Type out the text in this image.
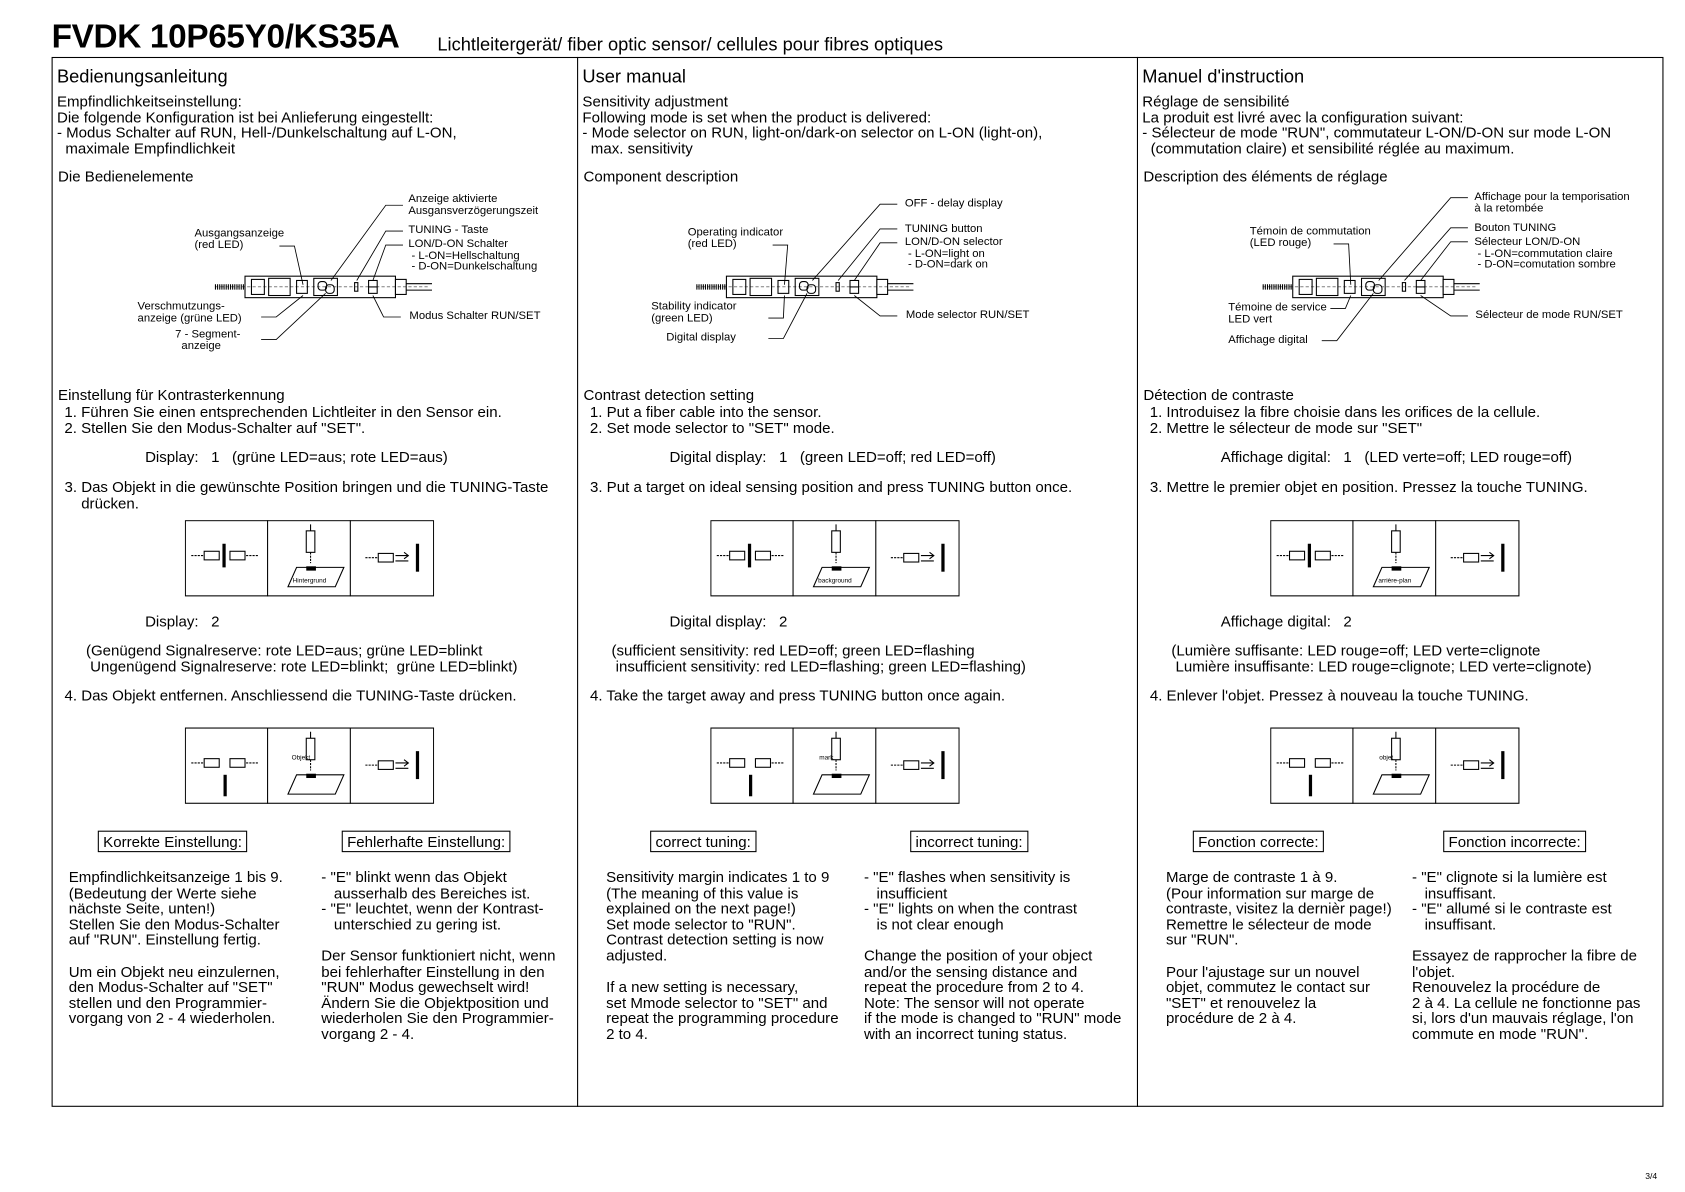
FVDK 10P65Y0/KS35A Lichtleitergerät/ fiber optic sensor/ cellules pour fibres optiques
Bedienungsanleitung
Empfindlichkeitseinstellung:
Die folgende Konfiguration ist bei Anlieferung eingestellt:
- Modus Schalter auf RUN, Hell-/Dunkelschaltung auf L-ON,
maximale Empfindlichkeit
Die Bedienelemente
Ausgangsanzeige
(red LED)
Verschmutzungs-
anzeige (grüne LED)
7 - Segment-
anzeige
Anzeige aktivierte
Ausgansverzögerungszeit
TUNING - Taste
LON/D-ON Schalter
- L-ON=Hellschaltung
- D-ON=Dunkelschaltung
Modus Schalter RUN/SET
Einstellung für Kontrasterkennung
1. Führen Sie einen entsprechenden Lichtleiter in den Sensor ein.
2. Stellen Sie den Modus-Schalter auf "SET".
Display:   1   (grüne LED=aus; rote LED=aus)
3. Das Objekt in die gewünschte Position bringen und die TUNING-Taste
drücken.
Hintergrund
Display:   2
(Genügend Signalreserve: rote LED=aus; grüne LED=blinkt
Ungenügend Signalreserve: rote LED=blinkt;  grüne LED=blinkt)
4. Das Objekt entfernen. Anschliessend die TUNING-Taste drücken.
Objekt
Korrekte Einstellung:	Fehlerhafte Einstellung:
Empfindlichkeitsanzeige 1 bis 9.
(Bedeutung der Werte siehe
nächste Seite, unten!)
Stellen Sie den Modus-Schalter
auf "RUN". Einstellung fertig.

Um ein Objekt neu einzulernen,
den Modus-Schalter auf "SET"
stellen und den Programmier-
vorgang von 2 - 4 wiederholen.
- "E" blinkt wenn das Objekt
ausserhalb des Bereiches ist.
- "E" leuchtet, wenn der Kontrast-
unterschied zu gering ist.

Der Sensor funktioniert nicht, wenn
bei fehlerhafter Einstellung in den
"RUN" Modus gewechselt wird!
Ändern Sie die Objektposition und
wiederholen Sie den Programmier-
vorgang 2 - 4.
User manual
Sensitivity adjustment
Following mode is set when the product is delivered:
- Mode selector on RUN, light-on/dark-on selector on L-ON (light-on),
max. sensitivity
Component description
Operating indicator
(red LED)
Stability indicator
(green LED)
Digital display
OFF - delay display
TUNING button
LON/D-ON selector
- L-ON=light on
- D-ON=dark on
Mode selector RUN/SET
Contrast detection setting
1. Put a fiber cable into the sensor.
2. Set mode selector to "SET" mode.
Digital display:   1   (green LED=off; red LED=off)
3. Put a target on ideal sensing position and press TUNING button once.
background
Digital display:   2
(sufficient sensitivity: red LED=off; green LED=flashing
insufficient sensitivity: red LED=flashing; green LED=flashing)
4. Take the target away and press TUNING button once again.
mark
correct tuning:	incorrect tuning:
Sensitivity margin indicates 1 to 9
(The meaning of this value is
explained on the next page!)
Set mode selector to "RUN".
Contrast detection setting is now
adjusted.

If a new setting is necessary,
set Mmode selector to "SET" and
repeat the programming procedure
2 to 4.
- "E" flashes when sensitivity is
insufficient
- "E" lights on when the contrast
is not clear enough

Change the position of your object
and/or the sensing distance and
repeat the procedure from 2 to 4.
Note: The sensor will not operate
if the mode is changed to "RUN" mode
with an incorrect tuning status.
Manuel d'instruction
Réglage de sensibilité
La produit est livré avec la configuration suivant:
- Sélecteur de mode "RUN", commutateur L-ON/D-ON sur mode L-ON
(commutation claire) et sensibilité réglée au maximum.
Description des éléments de réglage
Témoin de commutation
(LED rouge)
Témoine de service
LED vert
Affichage digital
Affichage pour la temporisation
à la retombée
Bouton TUNING
Sélecteur LON/D-ON
- L-ON=commutation claire
- D-ON=comutation sombre
Sélecteur de mode RUN/SET
Détection de contraste
1. Introduisez la fibre choisie dans les orifices de la cellule.
2. Mettre le sélecteur de mode sur "SET"
Affichage digital:   1   (LED verte=off; LED rouge=off)
3. Mettre le premier objet en position. Pressez la touche TUNING.
arrière-plan
Affichage digital:   2
(Lumière suffisante: LED rouge=off; LED verte=clignote
Lumière insuffisante: LED rouge=clignote; LED verte=clignote)
4. Enlever l'objet. Pressez à nouveau la touche TUNING.
objet
Fonction correcte:	Fonction incorrecte:
Marge de contraste 1 à 9.
(Pour information sur marge de
contraste, visitez la dernièr page!)
Remettre le sélecteur de mode
sur "RUN".

Pour l'ajustage sur un nouvel
objet, commutez le contact sur
"SET" et renouvelez la
procédure de 2 à 4.
- "E" clignote si la lumière est
insuffisant.
- "E" allumé si le contraste est
insuffisant.

Essayez de rapprocher la fibre de
l'objet.
Renouvelez la procédure de
2 à 4. La cellule ne fonctionne pas
si, lors d'un mauvais réglage, l'on
commute en mode "RUN".
3/4
